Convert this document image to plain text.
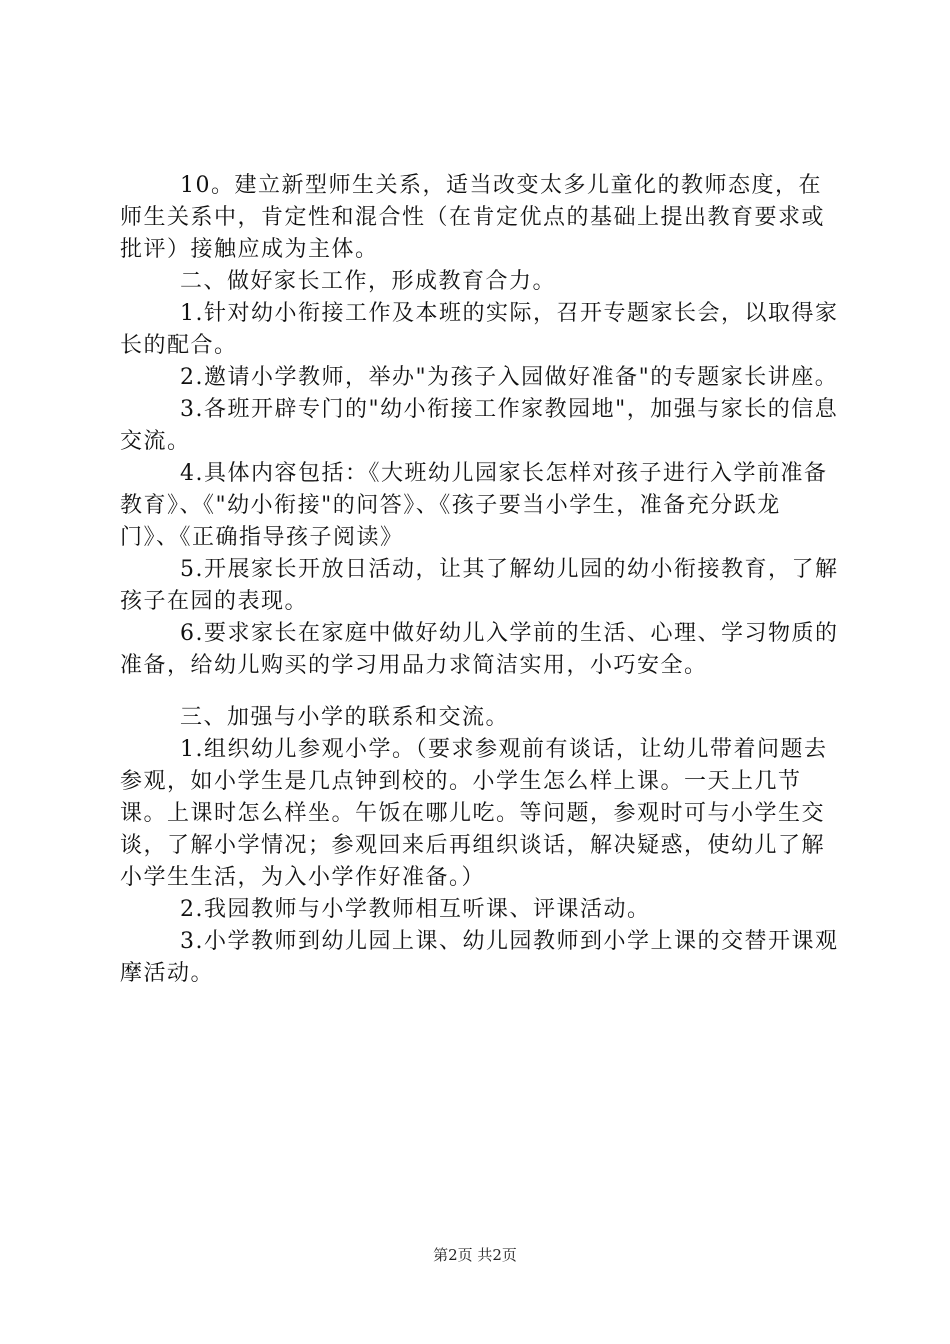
10。建立新型师生关系，适当改变太多儿童化的教师态度，在师生关系中，肯定性和混合性（在肯定优点的基础上提出教育要求或批评）接触应成为主体。

二、做好家长工作，形成教育合力。

1.针对幼小衔接工作及本班的实际，召开专题家长会，以取得家长的配合。

2.邀请小学教师，举办"为孩子入园做好准备"的专题家长讲座。

3.各班开辟专门的"幼小衔接工作家教园地"，加强与家长的信息交流。

4.具体内容包括：《大班幼儿园家长怎样对孩子进行入学前准备教育》、《"幼小衔接"的问答》、《孩子要当小学生，准备充分跃龙门》、《正确指导孩子阅读》

5.开展家长开放日活动，让其了解幼儿园的幼小衔接教育，了解孩子在园的表现。

6.要求家长在家庭中做好幼儿入学前的生活、心理、学习物质的准备，给幼儿购买的学习用品力求简洁实用，小巧安全。

三、加强与小学的联系和交流。

1.组织幼儿参观小学。（要求参观前有谈话，让幼儿带着问题去参观，如小学生是几点钟到校的。小学生怎么样上课。一天上几节课。上课时怎么样坐。午饭在哪儿吃。等问题，参观时可与小学生交谈，了解小学情况；参观回来后再组织谈话，解决疑惑，使幼儿了解小学生生活，为入小学作好准备。）

2.我园教师与小学教师相互听课、评课活动。

3.小学教师到幼儿园上课、幼儿园教师到小学上课的交替开课观摩活动。

第2页 共2页
